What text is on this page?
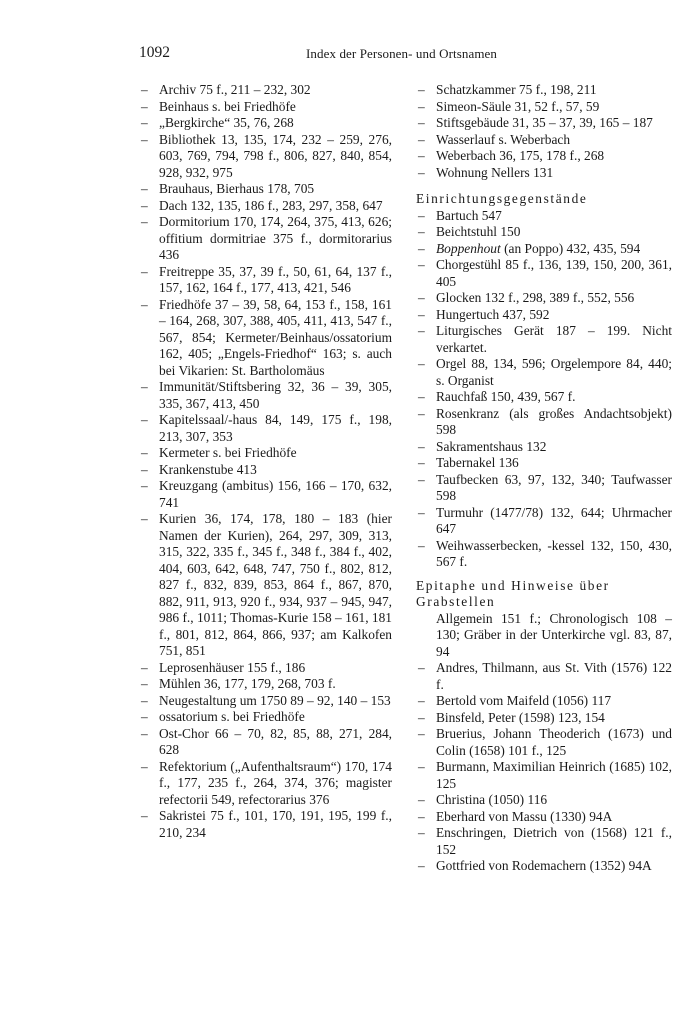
1092	Index der Personen- und Ortsnamen
– Archiv 75 f., 211 – 232, 302
– Beinhaus s. bei Friedhöfe
– „Bergkirche“ 35, 76, 268
– Bibliothek 13, 135, 174, 232 – 259, 276, 603, 769, 794, 798 f., 806, 827, 840, 854, 928, 932, 975
– Brauhaus, Bierhaus 178, 705
– Dach 132, 135, 186 f., 283, 297, 358, 647
– Dormitorium 170, 174, 264, 375, 413, 626; offitium dormitriae 375 f., dormitorarius 436
– Freitreppe 35, 37, 39 f., 50, 61, 64, 137 f., 157, 162, 164 f., 177, 413, 421, 546
– Friedhöfe 37 – 39, 58, 64, 153 f., 158, 161 – 164, 268, 307, 388, 405, 411, 413, 547 f., 567, 854; Kermeter/Beinhaus/ossatorium 162, 405; „Engels-Friedhof“ 163; s. auch bei Vikarien: St. Bartholomäus
– Immunität/Stiftsbering 32, 36 – 39, 305, 335, 367, 413, 450
– Kapitelssaal/-haus 84, 149, 175 f., 198, 213, 307, 353
– Kermeter s. bei Friedhöfe
– Krankenstube 413
– Kreuzgang (ambitus) 156, 166 – 170, 632, 741
– Kurien 36, 174, 178, 180 – 183 (hier Namen der Kurien), 264, 297, 309, 313, 315, 322, 335 f., 345 f., 348 f., 384 f., 402, 404, 603, 642, 648, 747, 750 f., 802, 812, 827 f., 832, 839, 853, 864 f., 867, 870, 882, 911, 913, 920 f., 934, 937 – 945, 947, 986 f., 1011; Thomas-Kurie 158 – 161, 181 f., 801, 812, 864, 866, 937; am Kalkofen 751, 851
– Leprosenhäuser 155 f., 186
– Mühlen 36, 177, 179, 268, 703 f.
– Neugestaltung um 1750 89 – 92, 140 – 153
– ossatorium s. bei Friedhöfe
– Ost-Chor 66 – 70, 82, 85, 88, 271, 284, 628
– Refektorium („Aufenthaltsraum“) 170, 174 f., 177, 235 f., 264, 374, 376; magister refectorii 549, refectorarius 376
– Sakristei 75 f., 101, 170, 191, 195, 199 f., 210, 234
– Schatzkammer 75 f., 198, 211
– Simeon-Säule 31, 52 f., 57, 59
– Stiftsgebäude 31, 35 – 37, 39, 165 – 187
– Wasserlauf s. Weberbach
– Weberbach 36, 175, 178 f., 268
– Wohnung Nellers 131
Einrichtungsgegenstände
– Bartuch 547
– Beichtstuhl 150
– Boppenhout (an Poppo) 432, 435, 594
– Chorgestühl 85 f., 136, 139, 150, 200, 361, 405
– Glocken 132 f., 298, 389 f., 552, 556
– Hungertuch 437, 592
– Liturgisches Gerät 187 – 199. Nicht verkartet.
– Orgel 88, 134, 596; Orgelempore 84, 440; s. Organist
– Rauchfaß 150, 439, 567 f.
– Rosenkranz (als großes Andachtsobjekt) 598
– Sakramentshaus 132
– Tabernakel 136
– Taufbecken 63, 97, 132, 340; Taufwasser 598
– Turmuhr (1477/78) 132, 644; Uhrmacher 647
– Weihwasserbecken, -kessel 132, 150, 430, 567 f.
Epitaphe und Hinweise über Grabstellen
Allgemein 151 f.; Chronologisch 108 – 130; Gräber in der Unterkirche vgl. 83, 87, 94
– Andres, Thilmann, aus St. Vith (1576) 122 f.
– Bertold vom Maifeld (1056) 117
– Binsfeld, Peter (1598) 123, 154
– Bruerius, Johann Theoderich (1673) und Colin (1658) 101 f., 125
– Burmann, Maximilian Heinrich (1685) 102, 125
– Christina (1050) 116
– Eberhard von Massu (1330) 94A
– Enschringen, Dietrich von (1568) 121 f., 152
– Gottfried von Rodemachern (1352) 94A
